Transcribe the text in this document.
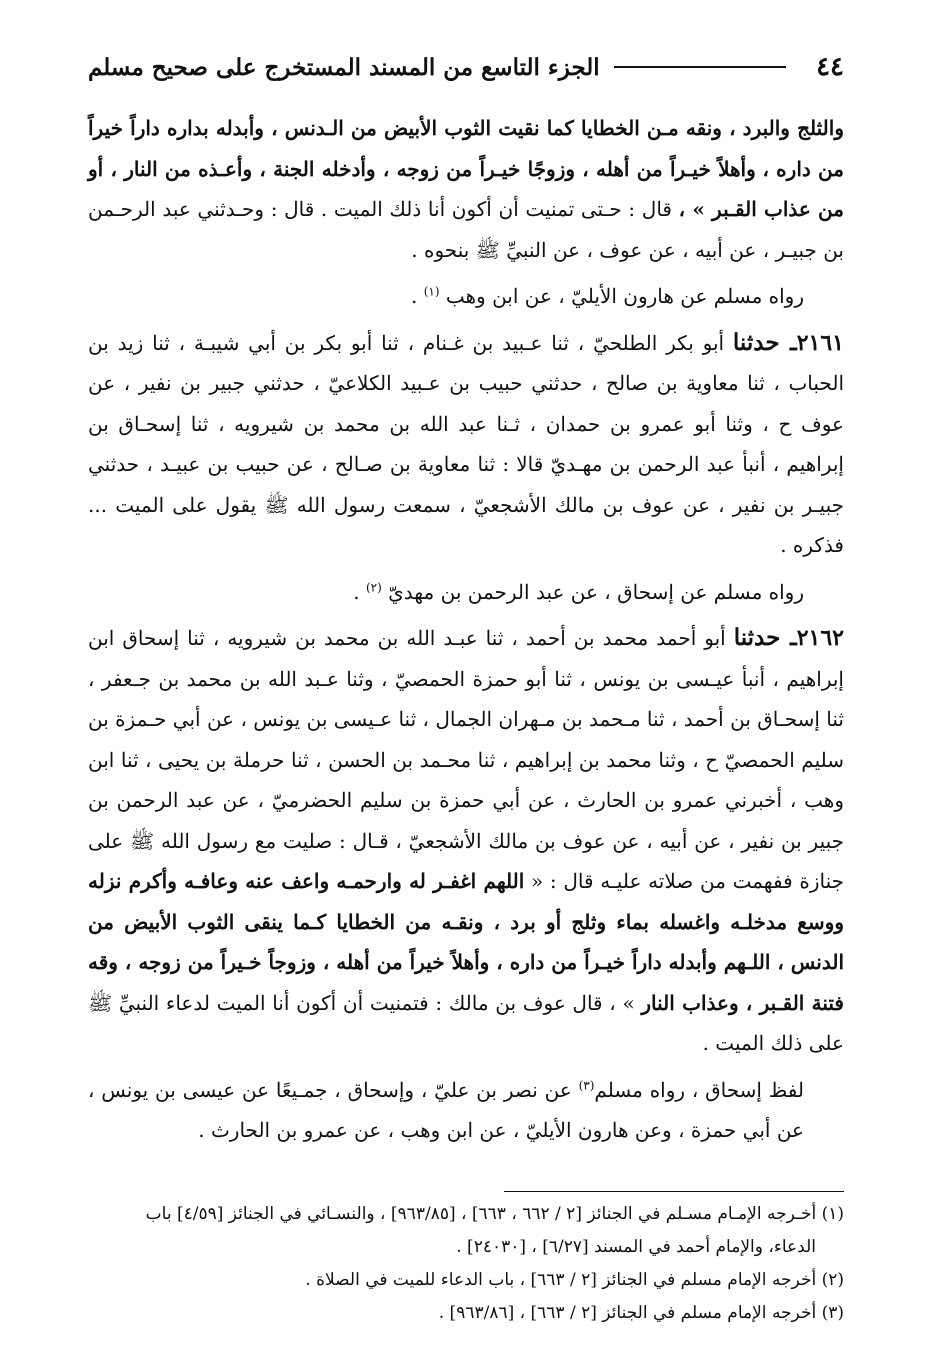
٤٤
الجزء التاسع من المسند المستخرج على صحيح مسلم

والثلج والبرد ، ونقه مـن الخطايا كما نقيت الثوب الأبيض من الـدنس ، وأبدله بداره داراً خيراً من داره ، وأهلاً خيـراً من أهله ، وزوجًا خيـراً من زوجه ، وأدخله الجنة ، وأعـذه من النار ، أو من عذاب القـبر » ، قال : حـتى تمنيت أن أكون أنا ذلك الميت . قال : وحـدثني عبد الرحـمن بن جبيـر ، عن أبيه ، عن عوف ، عن النبيِّ ﷺ بنحوه .

رواه مسلم عن هارون الأيليّ ، عن ابن وهب $^{(١)}$ .

٢١٦١ـ حدثنا أبو بكر الطلحيّ ، ثنا عـبيد بن غـنام ، ثنا أبو بكر بن أبي شيبـة ، ثنا زيد بن الحباب ، ثنا معاوية بن صالح ، حدثني حبيب بن عـبيد الكلاعيّ ، حدثني جبير بن نفير ، عن عوف ح ، وثنا أبو عمرو بن حمدان ، ثـنا عبد الله بن محمد بن شيرويه ، ثنا إسحـاق بن إبراهيم ، أنبأ عبد الرحمن بن مهـديّ قالا : ثنا معاوية بن صـالح ، عن حبيب بن عبيـد ، حدثني جبيـر بن نفير ، عن عوف بن مالك الأشجعيّ ، سمعت رسول الله ﷺ يقول على الميت ... فذكره .

رواه مسلم عن إسحاق ، عن عبد الرحمن بن مهديّ $^{(٢)}$ .

٢١٦٢ـ حدثنا أبو أحمد محمد بن أحمد ، ثنا عبـد الله بن محمد بن شيرويه ، ثنا إسحاق ابن إبراهيم ، أنبأ عيـسى بن يونس ، ثنا أبو حمزة الحمصيّ ، وثنا عـبد الله بن محمد بن جـعفر ، ثنا إسحـاق بن أحمد ، ثنا مـحمد بن مـهران الجمال ، ثنا عـيسى بن يونس ، عن أبي حـمزة بن سليم الحمصيّ ح ، وثنا محمد بن إبراهيم ، ثنا محـمد بن الحسن ، ثنا حرملة بن يحيى ، ثنا ابن وهب ، أخبرني عمرو بن الحارث ، عن أبي حمزة بن سليم الحضرميّ ، عن عبد الرحمن بن جبير بن نفير ، عن أبيه ، عن عوف بن مالك الأشجعيّ ، قـال : صليت مع رسول الله ﷺ على جنازة ففهمت من صلاته عليـه قال : « اللهم اغفـر له وارحمـه واعف عنه وعافـه وأكرم نزله ووسع مدخلـه واغسله بماء وثلج أو برد ، ونقـه من الخطايا كـما ينقى الثوب الأبيض من الدنس ، اللـهم وأبدله داراً خيـراً من داره ، وأهلاً خيراً من أهله ، وزوجاً خـيراً من زوجه ، وقه فتنة القـبر ، وعذاب النار » ، قال عوف بن مالك : فتمنيت أن أكون أنا الميت لدعاء النبيِّ ﷺ على ذلك الميت .

لفظ إسحاق ، رواه مسلم$^{(٣)}$ عن نصر بن عليّ ، وإسحاق ، جمـيعًا عن عيسى بن يونس ، عن أبي حمزة ، وعن هارون الأيليّ ، عن ابن وهب ، عن عمرو بن الحارث .

(١) أخـرجه الإمـام مسـلم في الجنائز [٢ / ٦٦٢ ، ٦٦٣] ، [٩٦٣/٨٥] ، والنسـائي في الجنائز [٤/٥٩] باب

الدعاء، والإمام أحمد في المسند [٦/٢٧] ، [٢٤٠٣٠] .

(٢) أخرجه الإمام مسلم في الجنائز [٢ / ٦٦٣] ، باب الدعاء للميت في الصلاة .

(٣) أخرجه الإمام مسلم في الجنائز [٢ / ٦٦٣] ، [٩٦٣/٨٦] .
